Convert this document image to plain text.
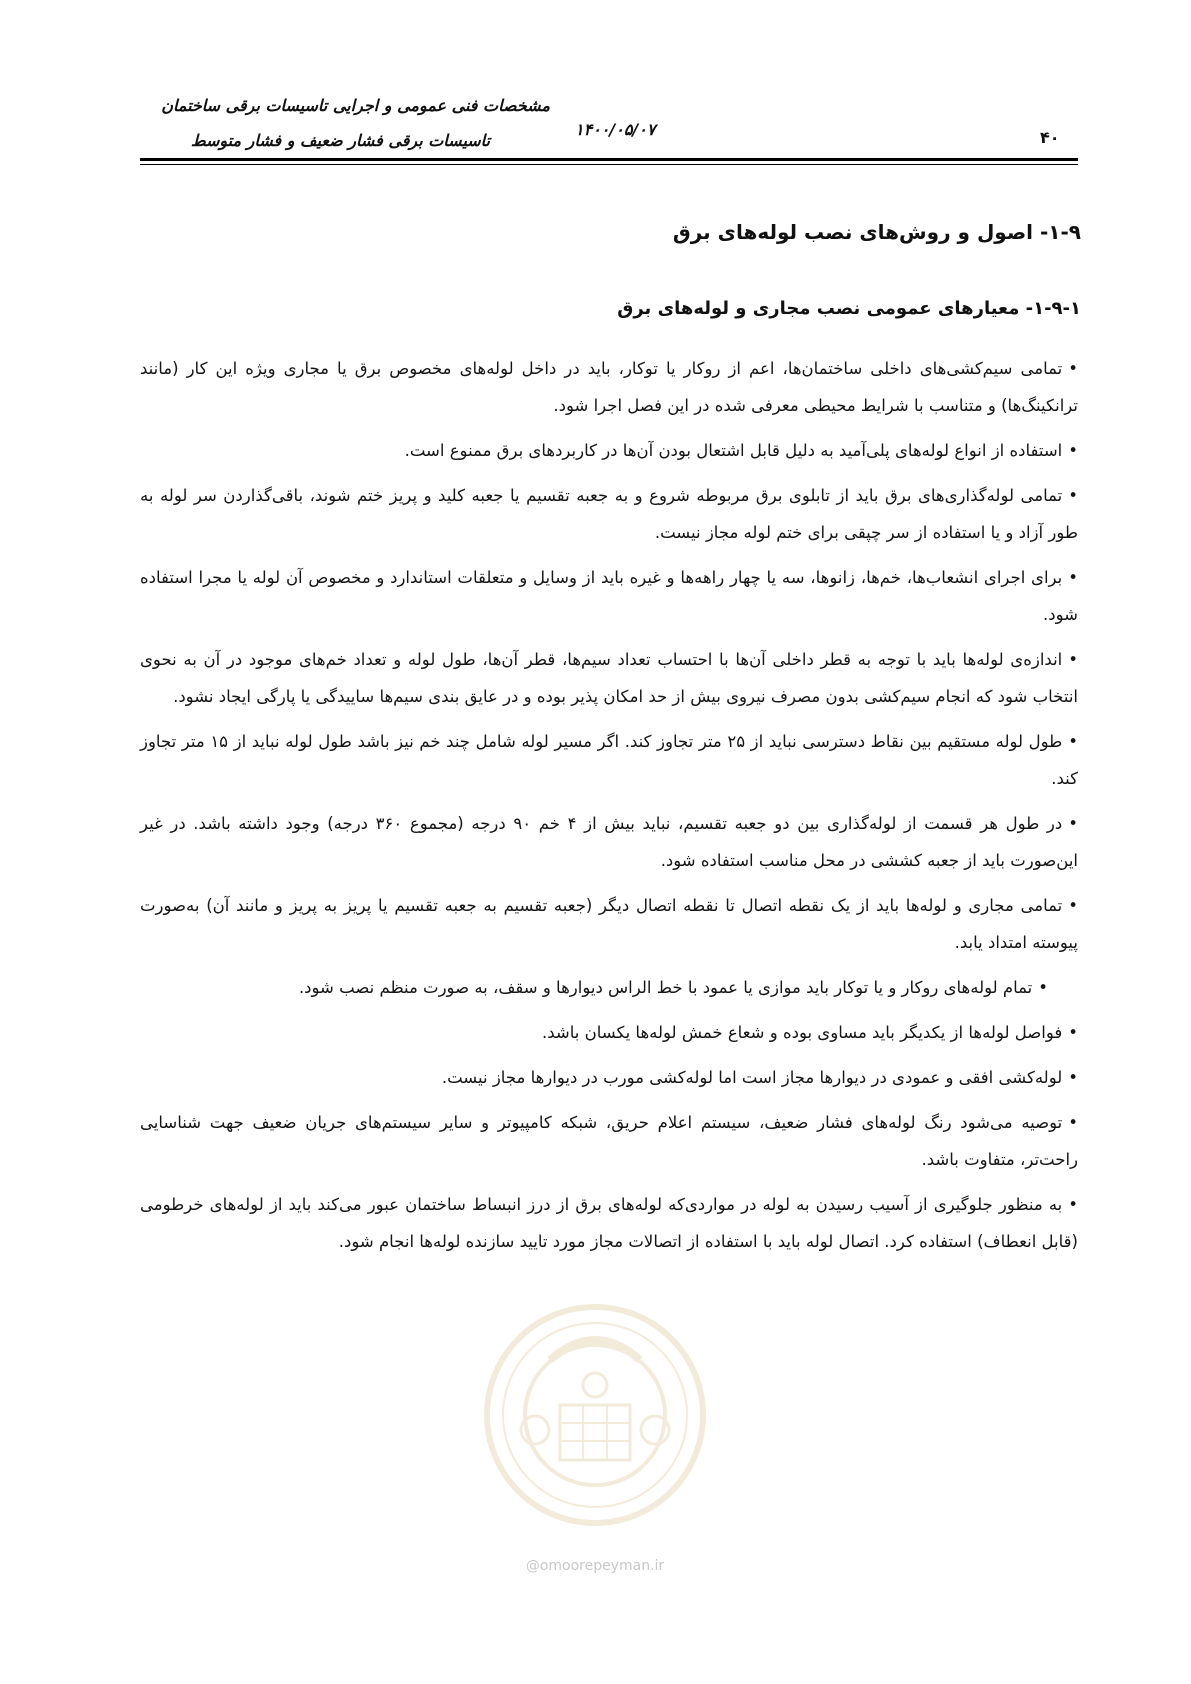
مشخصات فنی عمومی و اجرایی تاسیسات برقی ساختمان
تاسیسات برقی فشار ضعیف و فشار متوسط
۱۴۰۰/۰۵/۰۷	۴۰
۱-۹- اصول و روش‌های نصب لوله‌های برق
۱-۹-۱- معیارهای عمومی نصب مجاری و لوله‌های برق

•تمامی سیم‌کشی‌های داخلی ساختمان‌ها، اعم از روکار یا توکار، باید در داخل لوله‌های مخصوص برق یا مجاری ویژه این کار (مانند ترانکینگ‌ها) و متناسب با شرایط محیطی معرفی شده در این فصل اجرا شود.

•استفاده از انواع لوله‌های پلی‌آمید به دلیل قابل اشتعال بودن آن‌ها در کاربردهای برق ممنوع است.

•تمامی لوله‌گذاری‌های برق باید از تابلوی برق مربوطه شروع و به جعبه تقسیم یا جعبه کلید و پریز ختم شوند، باقی‌گذاردن سر لوله به طور آزاد و یا استفاده از سر چپقی برای ختم لوله مجاز نیست.

•برای اجرای انشعاب‌ها، خم‌ها، زانوها، سه یا چهار راهه‌ها و غیره باید از وسایل و متعلقات استاندارد و مخصوص آن لوله یا مجرا استفاده شود.

•اندازه‌ی لوله‌ها باید با توجه به قطر داخلی آن‌ها با احتساب تعداد سیم‌ها، قطر آن‌ها، طول لوله و تعداد خم‌های موجود در آن به نحوی انتخاب شود که انجام سیم‌کشی بدون مصرف نیروی بیش از حد امکان پذیر بوده و در عایق بندی سیم‌ها ساییدگی یا پارگی ایجاد نشود.

•طول لوله مستقیم بین نقاط دسترسی نباید از ۲۵ متر تجاوز کند. اگر مسیر لوله شامل چند خم نیز باشد طول لوله نباید از ۱۵ متر تجاوز کند.

•در طول هر قسمت از لوله‌گذاری بین دو جعبه تقسیم، نباید بیش از ۴ خم ۹۰ درجه (مجموع ۳۶۰ درجه) وجود داشته باشد. در غیر این‌صورت باید از جعبه کششی در محل مناسب استفاده شود.

•تمامی مجاری و لوله‌ها باید از یک نقطه اتصال تا نقطه اتصال دیگر (جعبه تقسیم به جعبه تقسیم یا پریز به پریز و مانند آن) به‌صورت پیوسته امتداد یابد.

•تمام لوله‌های روکار و یا توکار باید موازی یا عمود با خط الراس دیوارها و سقف، به صورت منظم نصب شود.

•فواصل لوله‌ها از یکدیگر باید مساوی بوده و شعاع خمش لوله‌ها یکسان باشد.

•لوله‌کشی افقی و عمودی در دیوارها مجاز است اما لوله‌کشی مورب در دیوارها مجاز نیست.

•توصیه می‌شود رنگ لوله‌های فشار ضعیف، سیستم اعلام حریق، شبکه کامپیوتر و سایر سیستم‌های جریان ضعیف جهت شناسایی راحت‌تر، متفاوت باشد.

•به منظور جلوگیری از آسیب رسیدن به لوله در مواردی‌که لوله‌های برق از درز انبساط ساختمان عبور می‌کند باید از لوله‌های خرطومی (قابل انعطاف) استفاده کرد. اتصال لوله باید با استفاده از اتصالات مجاز مورد تایید سازنده لوله‌ها انجام شود.

@omoorepeyman.ir
